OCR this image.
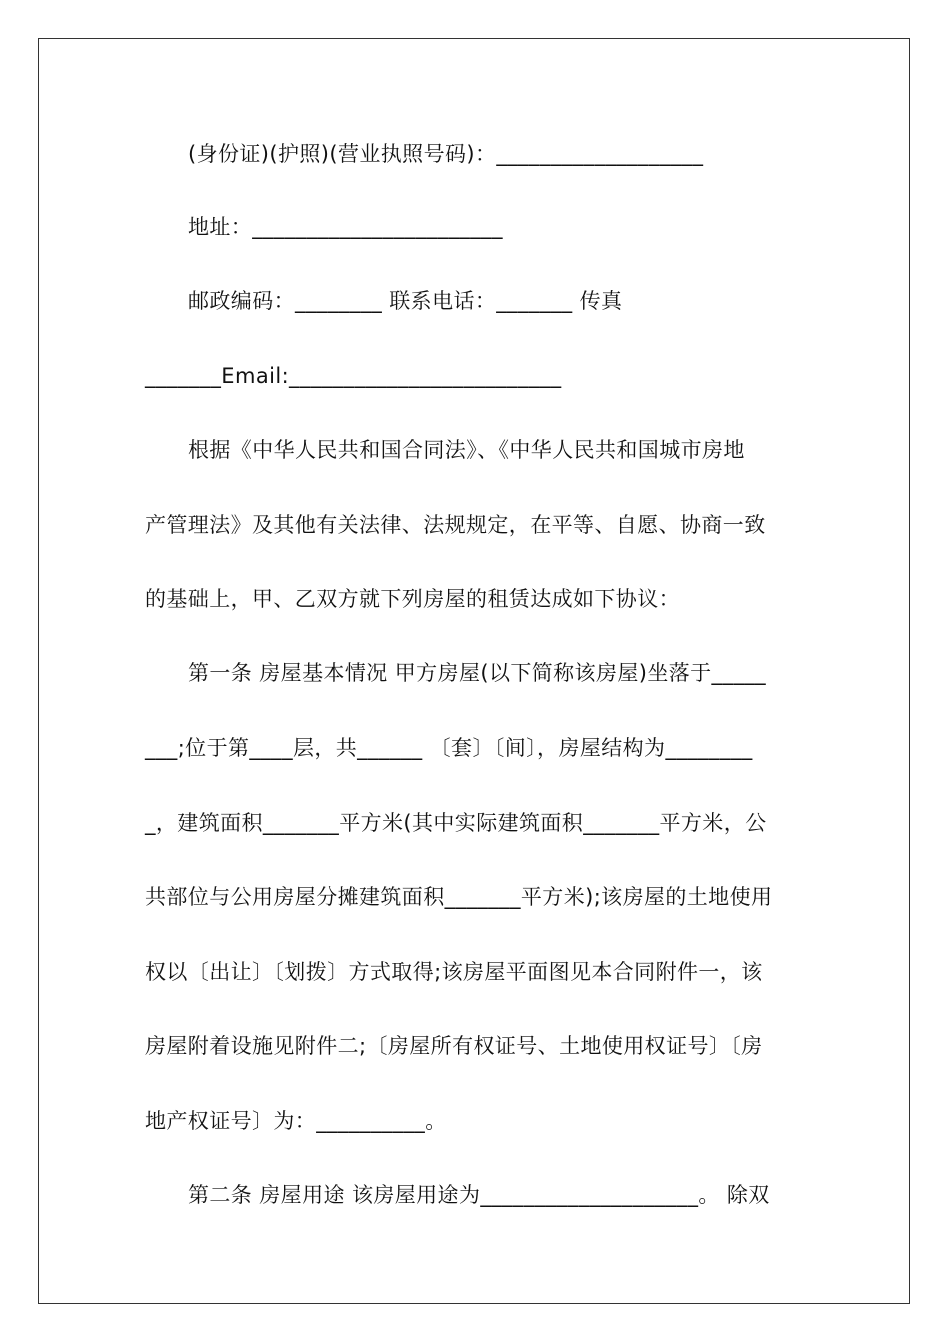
(身份证)(护照)(营业执照号码)：___________________
地址：_______________________
邮政编码：________ 联系电话：_______ 传真
_______Email:_________________________
根据《中华人民共和国合同法》、《中华人民共和国城市房地
产管理法》及其他有关法律、法规规定，在平等、自愿、协商一致
的基础上，甲、乙双方就下列房屋的租赁达成如下协议：
第一条 房屋基本情况 甲方房屋(以下简称该房屋)坐落于_____
___;位于第____层，共______ 〔套〕〔间〕，房屋结构为________
_，建筑面积_______平方米(其中实际建筑面积_______平方米，公
共部位与公用房屋分摊建筑面积_______平方米);该房屋的土地使用
权以〔出让〕〔划拨〕方式取得;该房屋平面图见本合同附件一，该
房屋附着设施见附件二;〔房屋所有权证号、土地使用权证号〕〔房
地产权证号〕为：__________。
第二条 房屋用途 该房屋用途为____________________。 除双
